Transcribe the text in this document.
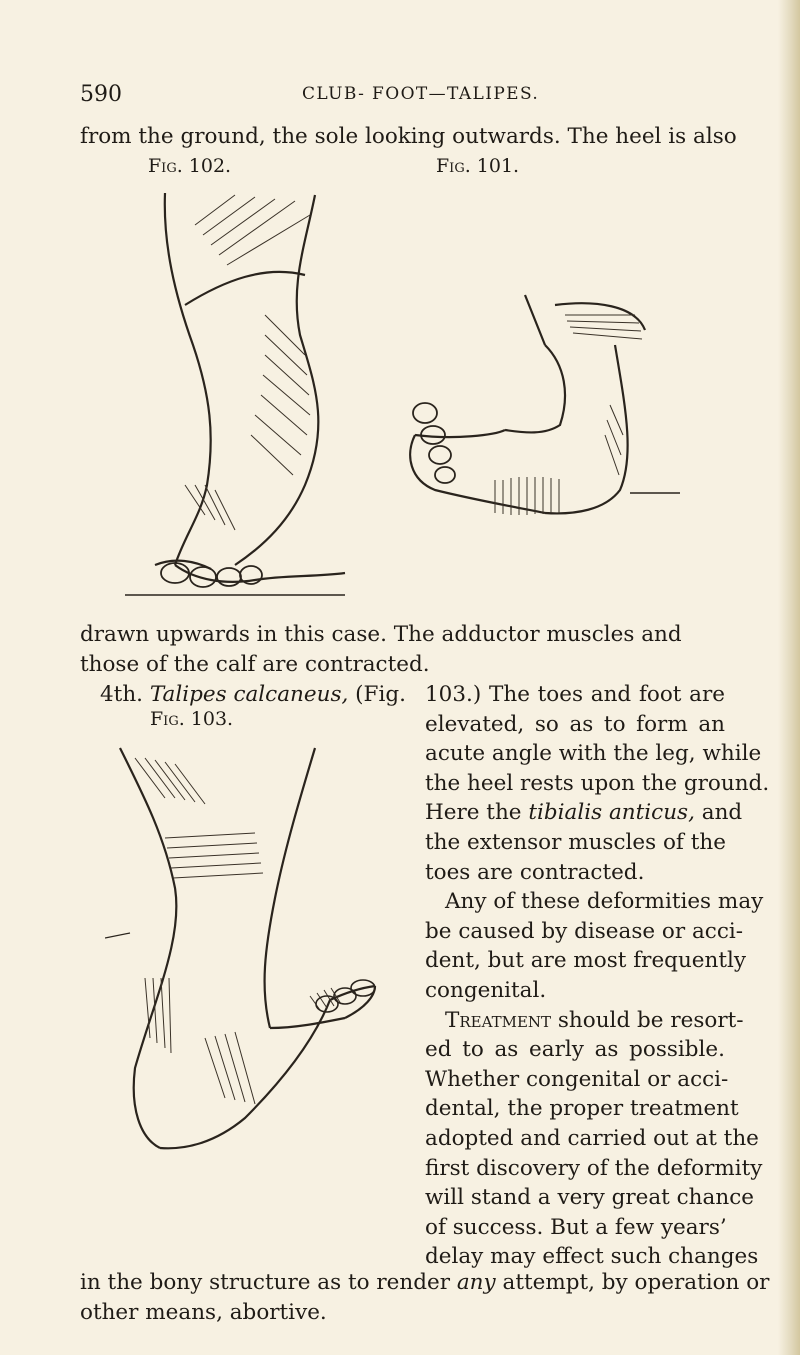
590	CLUB- FOOT—TALIPES.
from the ground, the sole looking outwards. The heel is also
Fig. 102.	Fig. 101.
drawn upwards in this case. The adductor muscles and
those of the calf are contracted.
4th. Talipes calcaneus, (Fig.
Fig. 103.
103.) The toes and foot are
elevated, so as to form an
acute angle with the leg, while
the heel rests upon the ground.
Here the tibialis anticus, and
the extensor muscles of the
toes are contracted.
Any of these deformities may
be caused by disease or acci-
dent, but are most frequently
congenital.
Treatment should be resort-
ed to as early as possible.
Whether congenital or acci-
dental, the proper treatment
adopted and carried out at the
first discovery of the deformity
will stand a very great chance
of success. But a few years’
delay may effect such changes
in the bony structure as to render any attempt, by operation or
other means, abortive.
